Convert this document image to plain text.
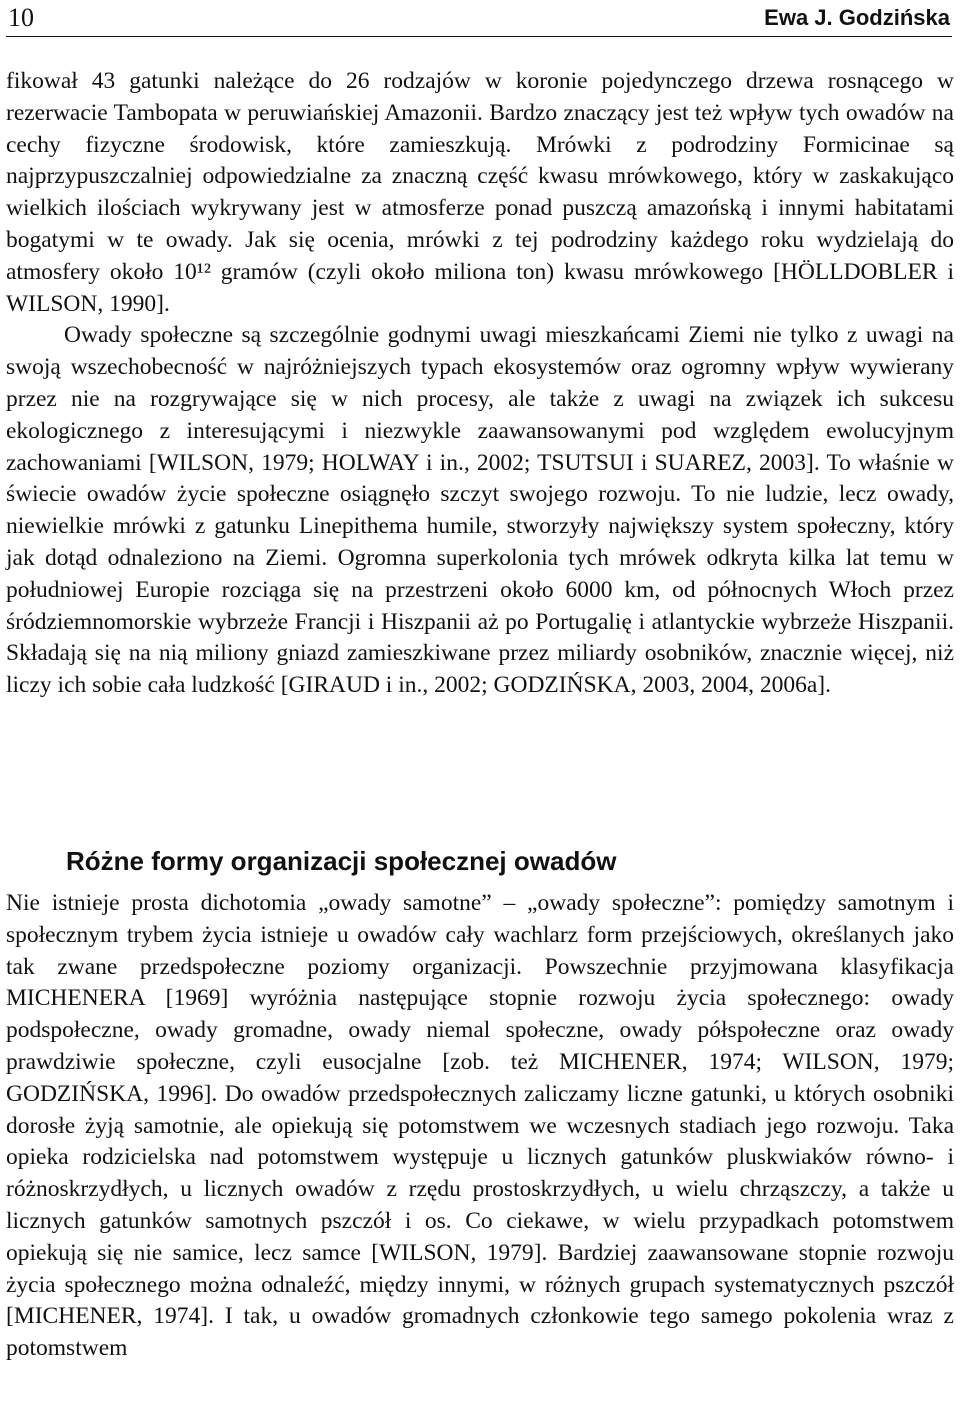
10	Ewa J. Godzińska

fikował 43 gatunki należące do 26 rodzajów w koronie pojedynczego drzewa rosnącego w rezerwacie Tambopata w peruwiańskiej Amazonii. Bardzo znaczący jest też wpływ tych owadów na cechy fizyczne środowisk, które zamieszkują. Mrówki z podrodziny Formicinae są najprzypuszczalniej odpowiedzialne za znaczną część kwasu mrówkowego, który w zaskakująco wielkich ilościach wykrywany jest w atmosferze ponad puszczą amazońską i innymi habitatami bogatymi w te owady. Jak się ocenia, mrówki z tej podrodziny każdego roku wydzielają do atmosfery około 10¹² gramów (czyli około miliona ton) kwasu mrówkowego [HÖLLDOBLER i WILSON, 1990].

Owady społeczne są szczególnie godnymi uwagi mieszkańcami Ziemi nie tylko z uwagi na swoją wszechobecność w najróżniejszych typach ekosystemów oraz ogromny wpływ wywierany przez nie na rozgrywające się w nich procesy, ale także z uwagi na związek ich sukcesu ekologicznego z interesującymi i niezwykle zaawansowanymi pod względem ewolucyjnym zachowaniami [WILSON, 1979; HOLWAY i in., 2002; TSUTSUI i SUAREZ, 2003]. To właśnie w świecie owadów życie społeczne osiągnęło szczyt swojego rozwoju. To nie ludzie, lecz owady, niewielkie mrówki z gatunku Linepithema humile, stworzyły największy system społeczny, który jak dotąd odnaleziono na Ziemi. Ogromna superkolonia tych mrówek odkryta kilka lat temu w południowej Europie rozciąga się na przestrzeni około 6000 km, od północnych Włoch przez śródziemnomorskie wybrzeże Francji i Hiszpanii aż po Portugalię i atlantyckie wybrzeże Hiszpanii. Składają się na nią miliony gniazd zamieszkiwane przez miliardy osobników, znacznie więcej, niż liczy ich sobie cała ludzkość [GIRAUD i in., 2002; GODZIŃSKA, 2003, 2004, 2006a].

Różne formy organizacji społecznej owadów

Nie istnieje prosta dichotomia „owady samotne” – „owady społeczne”: pomiędzy samotnym i społecznym trybem życia istnieje u owadów cały wachlarz form przejściowych, określanych jako tak zwane przedspołeczne poziomy organizacji. Powszechnie przyjmowana klasyfikacja MICHENERA [1969] wyróżnia następujące stopnie rozwoju życia społecznego: owady podspołeczne, owady gromadne, owady niemal społeczne, owady półspołeczne oraz owady prawdziwie społeczne, czyli eusocjalne [zob. też MICHENER, 1974; WILSON, 1979; GODZIŃSKA, 1996]. Do owadów przedspołecznych zaliczamy liczne gatunki, u których osobniki dorosłe żyją samotnie, ale opiekują się potomstwem we wczesnych stadiach jego rozwoju. Taka opieka rodzicielska nad potomstwem występuje u licznych gatunków pluskwiaków równo- i różnoskrzydłych, u licznych owadów z rzędu prostoskrzydłych, u wielu chrząszczy, a także u licznych gatunków samotnych pszczół i os. Co ciekawe, w wielu przypadkach potomstwem opiekują się nie samice, lecz samce [WILSON, 1979]. Bardziej zaawansowane stopnie rozwoju życia społecznego można odnaleźć, między innymi, w różnych grupach systematycznych pszczół [MICHENER, 1974]. I tak, u owadów gromadnych członkowie tego samego pokolenia wraz z potomstwem
